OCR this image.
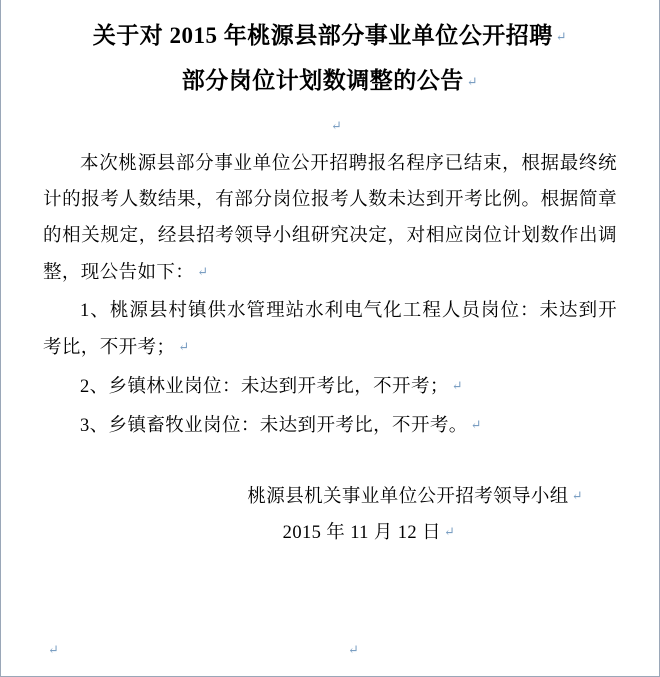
关于对 2015 年桃源县部分事业单位公开招聘 ↵
部分岗位计划数调整的公告 ↵
↵

本次桃源县部分事业单位公开招聘报名程序已结束，根据最终统计的报考人数结果，有部分岗位报考人数未达到开考比例。根据简章的相关规定，经县招考领导小组研究决定，对相应岗位计划数作出调整，现公告如下： ↵

1、桃源县村镇供水管理站水利电气化工程人员岗位：未达到开考比，不开考； ↵

2、乡镇林业岗位：未达到开考比，不开考； ↵

3、乡镇畜牧业岗位：未达到开考比，不开考。 ↵

桃源县机关事业单位公开招考领导小组 ↵
2015 年 11 月 12 日 ↵
↵	↵
